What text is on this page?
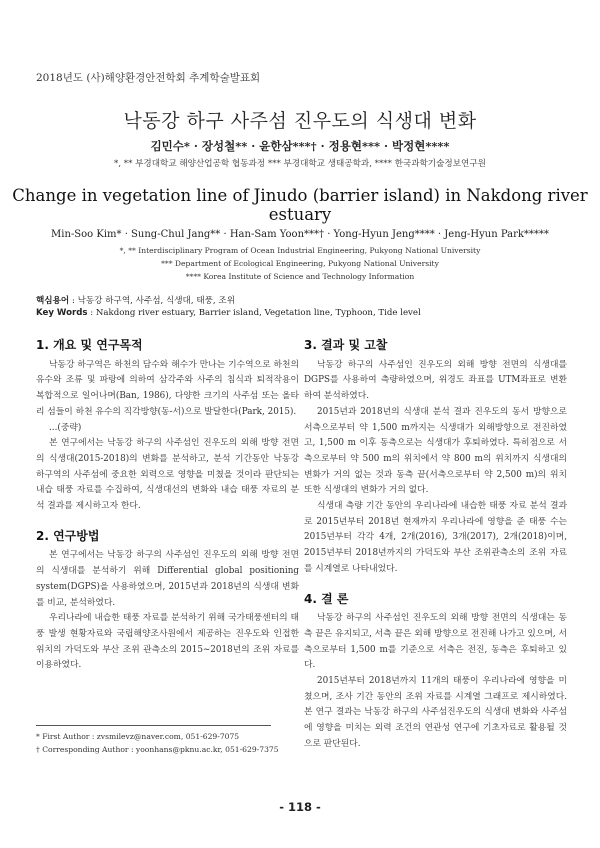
2018년도 (사)해양환경안전학회 추계학술발표회
낙동강 하구 사주섬 진우도의 식생대 변화
김민수* · 장성철** · 윤한삼***† · 정용현*** · 박정현****
*, ** 부경대학교 해양산업공학 협동과정 *** 부경대학교 생태공학과, **** 한국과학기술정보연구원
Change in vegetation line of Jinudo (barrier island) in Nakdong river estuary
Min-Soo Kim* · Sung-Chul Jang** · Han-Sam Yoon***† · Yong-Hyun Jeng**** · Jeng-Hyun Park*****
*, ** Interdisciplinary Program of Ocean Industrial Engineering, Pukyong National University
*** Department of Ecological Engineering, Pukyong National University
**** Korea Institute of Science and Technology Information
핵심용어 : 낙동강 하구역, 사주섬, 식생대, 태풍, 조위
Key Words : Nakdong river estuary, Barrier island, Vegetation line, Typhoon, Tide level
1. 개요 및 연구목적

낙동강 하구역은 하천의 담수와 해수가 만나는 기수역으로 하천의 유수와 조류 및 파랑에 의하여 삼각주와 사주의 침식과 퇴적작용이 복합적으로 일어나며(Ban, 1986), 다양한 크기의 사주섬 또는 올타리 섬들이 하천 유수의 직각방향(동-서)으로 발달한다(Park, 2015).

...(중략)

본 연구에서는 낙동강 하구의 사주섬인 진우도의 외해 방향 전면의 식생대(2015-2018)의 변화를 분석하고, 분석 기간동안 낙동강 하구역의 사주섬에 중요한 외력으로 영향을 미쳤을 것이라 판단되는 내습 태풍 자료를 수집하여, 식생대선의 변화와 내습 태풍 자료의 분석 결과를 제시하고자 한다.

2. 연구방법

본 연구에서는 낙동강 하구의 사주섬인 진우도의 외해 방향 전면의 식생대를 분석하기 위해 Differential global positioning system(DGPS)을 사용하였으며, 2015년과 2018년의 식생대 변화를 비교, 분석하였다.

우리나라에 내습한 태풍 자료를 분석하기 위해 국가태풍센터의 태풍 발생 현황자료와 국립해양조사원에서 제공하는 진우도와 인접한 위치의 가덕도와 부산 조위 관측소의 2015~2018년의 조위 자료를 이용하였다.

3. 결과 및 고찰

낙동강 하구의 사주섬인 진우도의 외해 방향 전면의 식생대를 DGPS를 사용하여 측량하였으며, 위경도 좌표를 UTM좌표로 변환하여 분석하였다.

2015년과 2018년의 식생대 분석 결과 진우도의 동서 방향으로 서측으로부터 약 1,500 m까지는 식생대가 외해방향으로 전진하였고, 1,500 m 이후 동측으로는 식생대가 후퇴하였다. 특히점으로 서측으로부터 약 500 m의 위치에서 약 800 m의 위치까지 식생대의 변화가 거의 없는 것과 동측 끝(서측으로부터 약 2,500 m)의 위치 또한 식생대의 변화가 거의 없다.

식생대 측량 기간 동안의 우리나라에 내습한 태풍 자료 분석 결과로 2015년부터 2018년 현재까지 우리나라에 영향을 준 태풍 수는 2015년부터 각각 4개, 2개(2016), 3개(2017), 2개(2018)이며, 2015년부터 2018년까지의 가덕도와 부산 조위관측소의 조위 자료를 시계열로 나타내었다.

4. 결 론

낙동강 하구의 사주섬인 진우도의 외해 방향 전면의 식생대는 동측 끝은 유지되고, 서측 끝은 외해 방향으로 전진해 나가고 있으며, 서측으로부터 1,500 m를 기준으로 서측은 전진, 동측은 후퇴하고 있다.

2015년부터 2018년까지 11개의 태풍이 우리나라에 영향을 미쳤으며, 조사 기간 동안의 조위 자료를 시계열 그래프로 제시하였다. 본 연구 결과는 낙동강 하구의 사주섬진우도의 식생대 변화와 사주섬에 영향을 미치는 외력 조건의 연관성 연구에 기초자료로 활용될 것으로 판단된다.

* First Author : zvsmilevz@naver.com, 051-629-7075
† Corresponding Author : yoonhans@pknu.ac.kr, 051-629-7375
- 118 -
